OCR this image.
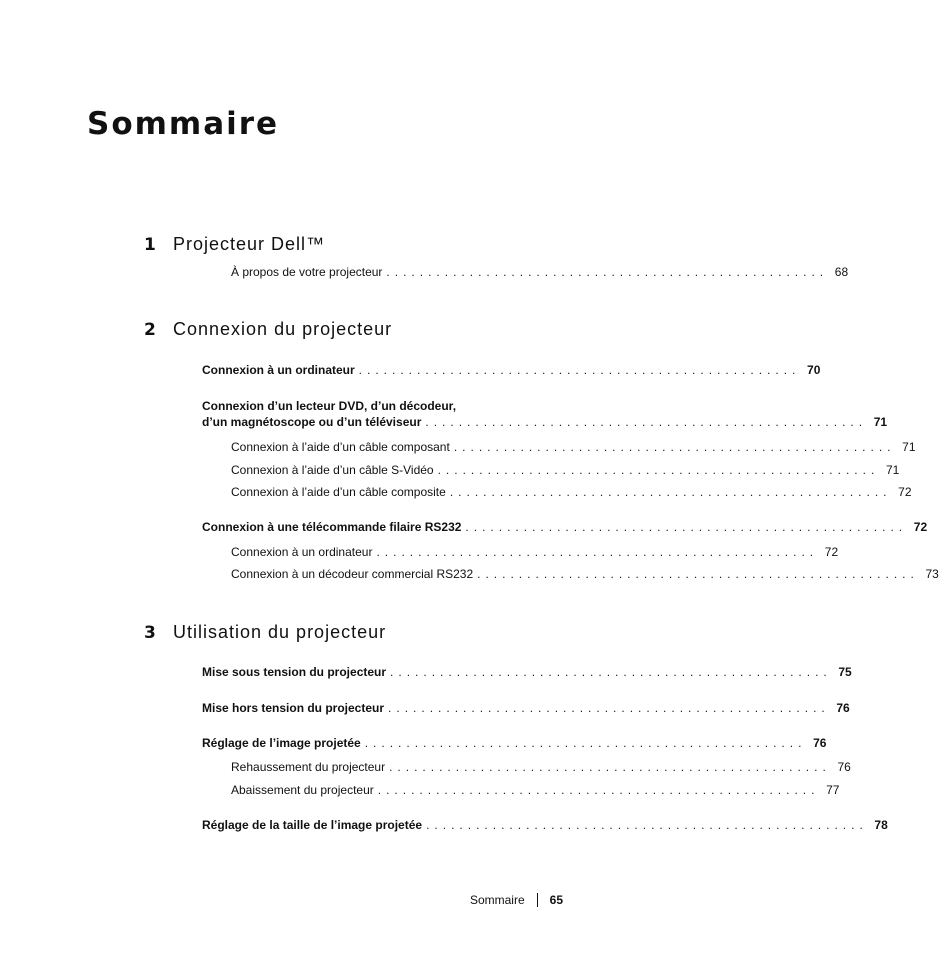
Sommaire
1 Projecteur Dell™
À propos de votre projecteur ..................................................... 68
2 Connexion du projecteur
Connexion à un ordinateur ..................................................... 70
Connexion d’un lecteur DVD, d’un décodeur,
d’un magnétoscope ou d’un téléviseur ..................................................... 71
Connexion à l’aide d’un câble composant ..................................................... 71
Connexion à l’aide d’un câble S-Vidéo ..................................................... 71
Connexion à l’aide d’un câble composite ..................................................... 72
Connexion à une télécommande filaire RS232 ..................................................... 72
Connexion à un ordinateur ..................................................... 72
Connexion à un décodeur commercial RS232 ..................................................... 73
3 Utilisation du projecteur
Mise sous tension du projecteur ..................................................... 75
Mise hors tension du projecteur ..................................................... 76
Réglage de l’image projetée ..................................................... 76
Rehaussement du projecteur ..................................................... 76
Abaissement du projecteur ..................................................... 77
Réglage de la taille de l’image projetée ..................................................... 78
Sommaire 65
